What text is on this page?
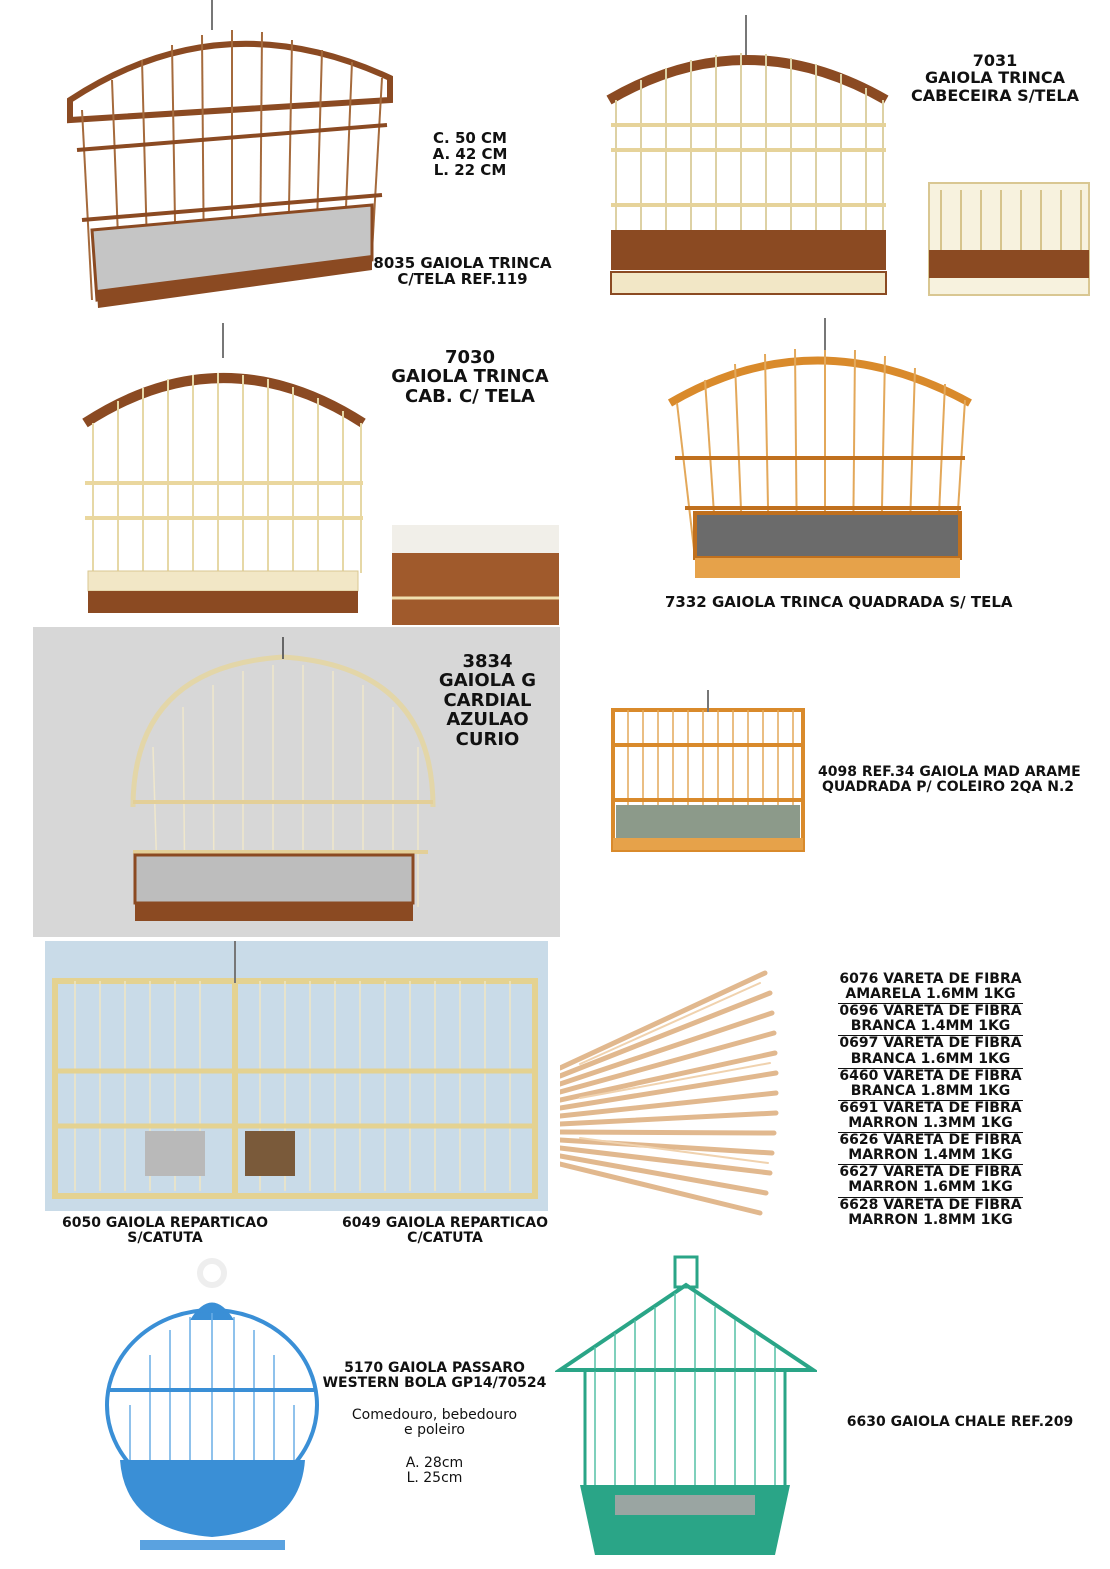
C. 50 CM
A. 42 CM
L. 22 CM
8035 GAIOLA TRINCA
C/TELA REF.119
7031
GAIOLA TRINCA
CABECEIRA S/TELA
7030
GAIOLA TRINCA
CAB. C/ TELA
7332 GAIOLA TRINCA QUADRADA S/ TELA
3834
GAIOLA G
CARDIAL
AZULAO
CURIO
4098 REF.34 GAIOLA MAD ARAME
QUADRADA P/ COLEIRO 2QA N.2
6050 GAIOLA REPARTICAO
S/CATUTA
6049 GAIOLA REPARTICAO
C/CATUTA
6076 VARETA DE FIBRA
AMARELA 1.6MM 1KG
0696 VARETA DE FIBRA
BRANCA 1.4MM 1KG
0697 VARETA DE FIBRA
BRANCA 1.6MM 1KG
6460 VARETA DE FIBRA
BRANCA 1.8MM 1KG
6691 VARETA DE FIBRA
MARRON 1.3MM 1KG
6626 VARETA DE FIBRA
MARRON 1.4MM 1KG
6627 VARETA DE FIBRA
MARRON 1.6MM 1KG
6628 VARETA DE FIBRA
MARRON 1.8MM 1KG
5170 GAIOLA PASSARO
WESTERN BOLA GP14/70524
Comedouro, bebedouro
e poleiro
A. 28cm
L. 25cm
6630 GAIOLA CHALE REF.209
